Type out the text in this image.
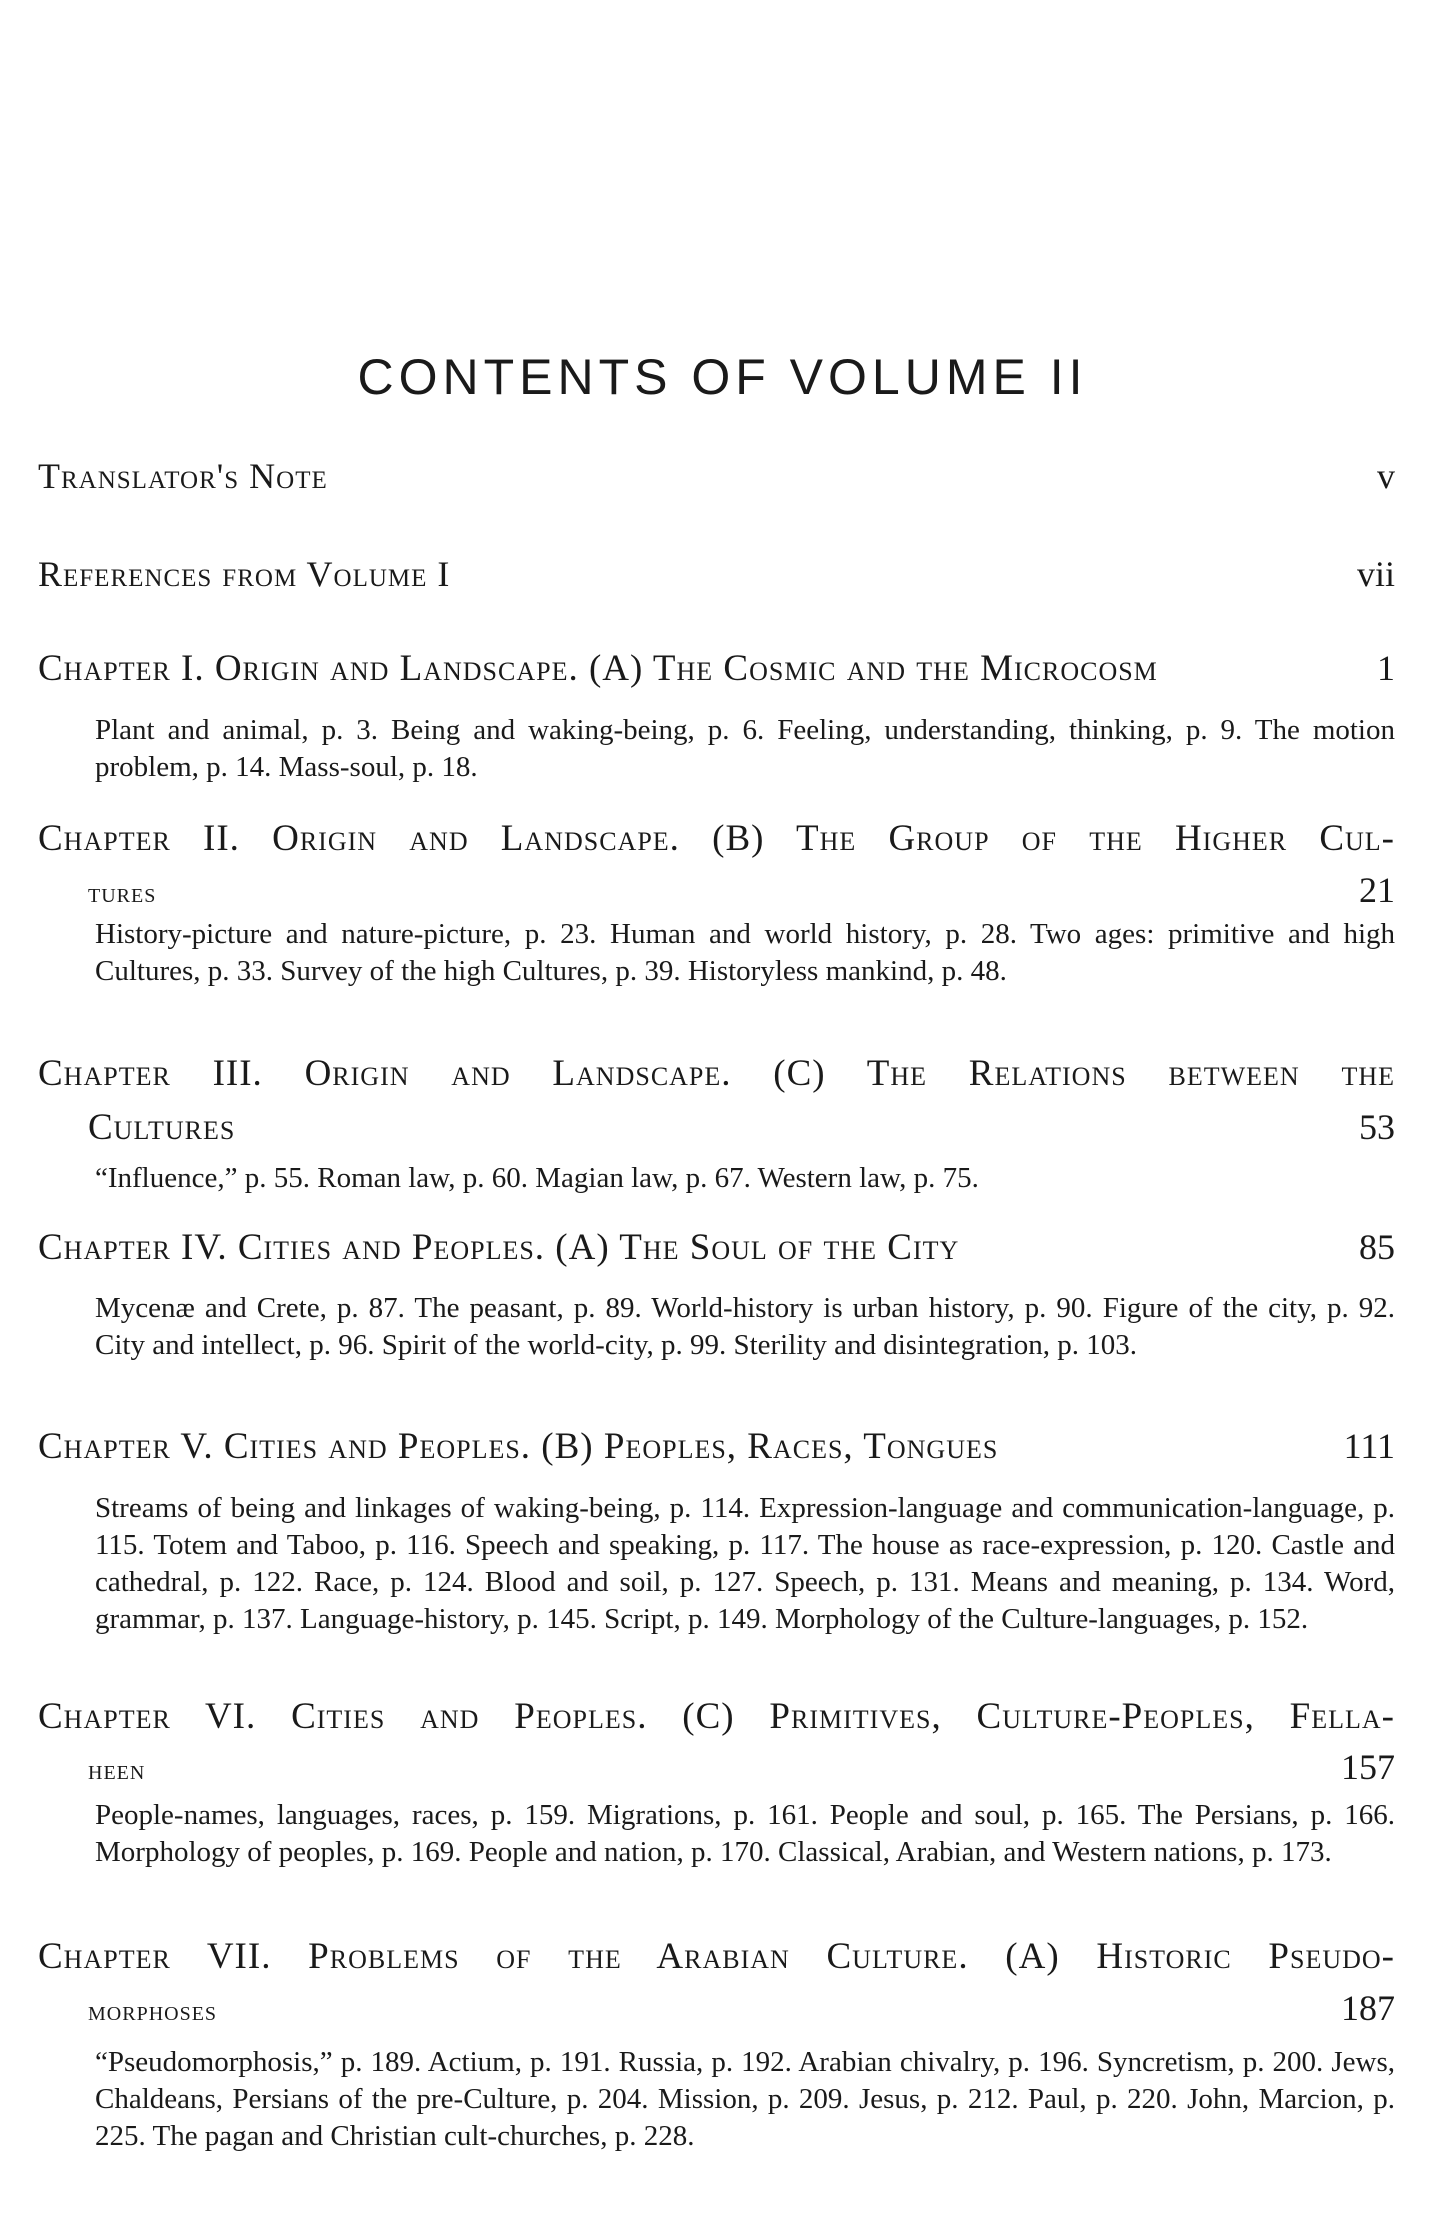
CONTENTS OF VOLUME II
Translator's Note	v
References from Volume I	vii
Chapter I. Origin and Landscape. (A) The Cosmic and the Microcosm	1
Plant and animal, p. 3. Being and waking-being, p. 6. Feeling, understanding, thinking, p. 9. The motion problem, p. 14. Mass-soul, p. 18.
Chapter II. Origin and Landscape. (B) The Group of the Higher Cul-
tures	21
History-picture and nature-picture, p. 23. Human and world history, p. 28. Two ages: primitive and high Cultures, p. 33. Survey of the high Cultures, p. 39. Historyless mankind, p. 48.
Chapter III. Origin and Landscape. (C) The Relations between the
Cultures	53
“Influence,” p. 55. Roman law, p. 60. Magian law, p. 67. Western law, p. 75.
Chapter IV. Cities and Peoples. (A) The Soul of the City	85
Mycenæ and Crete, p. 87. The peasant, p. 89. World-history is urban history, p. 90. Figure of the city, p. 92. City and intellect, p. 96. Spirit of the world-city, p. 99. Sterility and disintegration, p. 103.
Chapter V. Cities and Peoples. (B) Peoples, Races, Tongues	111
Streams of being and linkages of waking-being, p. 114. Expression-language and communication-language, p. 115. Totem and Taboo, p. 116. Speech and speaking, p. 117. The house as race-expression, p. 120. Castle and cathedral, p. 122. Race, p. 124. Blood and soil, p. 127. Speech, p. 131. Means and meaning, p. 134. Word, grammar, p. 137. Language-history, p. 145. Script, p. 149. Morphology of the Culture-languages, p. 152.
Chapter VI. Cities and Peoples. (C) Primitives, Culture-Peoples, Fella-
heen	157
People-names, languages, races, p. 159. Migrations, p. 161. People and soul, p. 165. The Persians, p. 166. Morphology of peoples, p. 169. People and nation, p. 170. Classical, Arabian, and Western nations, p. 173.
Chapter VII. Problems of the Arabian Culture. (A) Historic Pseudo-
morphoses	187
“Pseudomorphosis,” p. 189. Actium, p. 191. Russia, p. 192. Arabian chivalry, p. 196. Syncretism, p. 200. Jews, Chaldeans, Persians of the pre-Culture, p. 204. Mission, p. 209. Jesus, p. 212. Paul, p. 220. John, Marcion, p. 225. The pagan and Christian cult-churches, p. 228.
